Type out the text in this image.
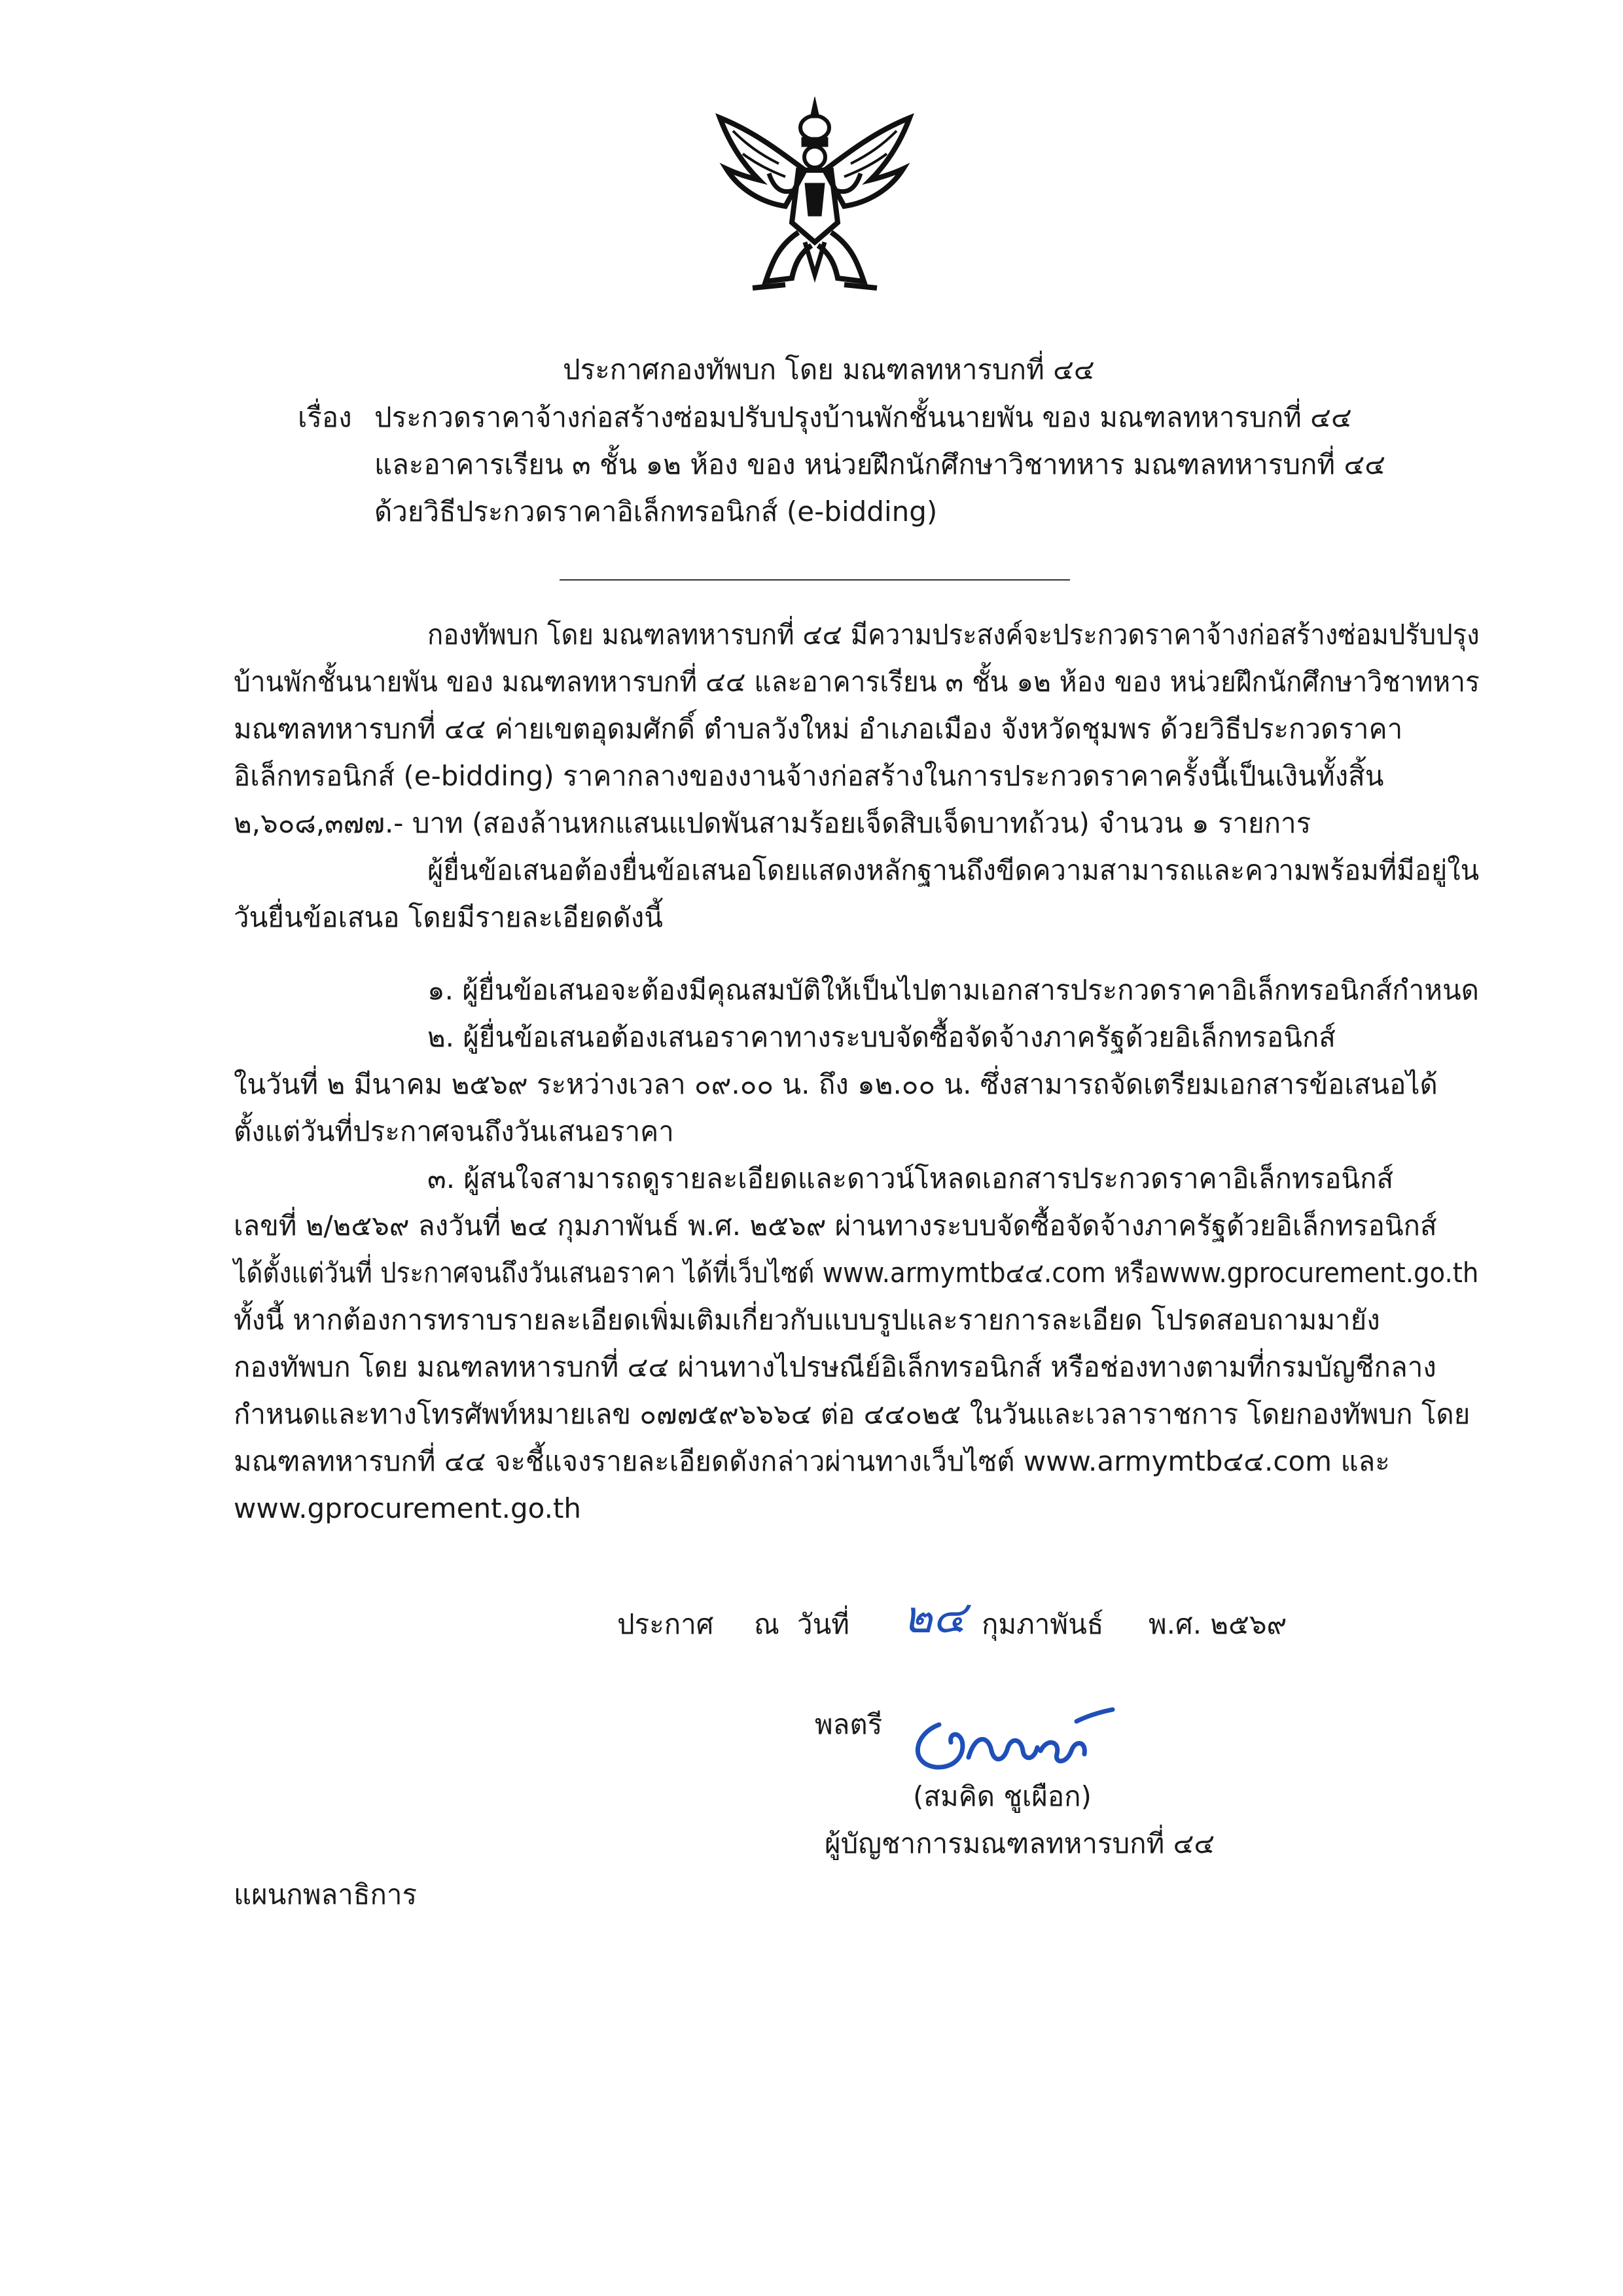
ประกาศกองทัพบก โดย มณฑลทหารบกที่ ๔๔
เรื่อง ประกวดราคาจ้างก่อสร้างซ่อมปรับปรุงบ้านพักชั้นนายพัน ของ มณฑลทหารบกที่ ๔๔
และอาคารเรียน ๓ ชั้น ๑๒ ห้อง ของ หน่วยฝึกนักศึกษาวิชาทหาร มณฑลทหารบกที่ ๔๔
ด้วยวิธีประกวดราคาอิเล็กทรอนิกส์ (e-bidding)
กองทัพบก โดย มณฑลทหารบกที่ ๔๔ มีความประสงค์จะประกวดราคาจ้างก่อสร้างซ่อมปรับปรุง
บ้านพักชั้นนายพัน ของ มณฑลทหารบกที่ ๔๔ และอาคารเรียน ๓ ชั้น ๑๒ ห้อง ของ หน่วยฝึกนักศึกษาวิชาทหาร
มณฑลทหารบกที่ ๔๔ ค่ายเขตอุดมศักดิ์ ตำบลวังใหม่ อำเภอเมือง จังหวัดชุมพร ด้วยวิธีประกวดราคา
อิเล็กทรอนิกส์ (e-bidding) ราคากลางของงานจ้างก่อสร้างในการประกวดราคาครั้งนี้เป็นเงินทั้งสิ้น
๒,๖๐๘,๓๗๗.- บาท (สองล้านหกแสนแปดพันสามร้อยเจ็ดสิบเจ็ดบาทถ้วน) จำนวน ๑ รายการ
ผู้ยื่นข้อเสนอต้องยื่นข้อเสนอโดยแสดงหลักฐานถึงขีดความสามารถและความพร้อมที่มีอยู่ใน
วันยื่นข้อเสนอ โดยมีรายละเอียดดังนี้
๑. ผู้ยื่นข้อเสนอจะต้องมีคุณสมบัติให้เป็นไปตามเอกสารประกวดราคาอิเล็กทรอนิกส์กำหนด
๒. ผู้ยื่นข้อเสนอต้องเสนอราคาทางระบบจัดซื้อจัดจ้างภาครัฐด้วยอิเล็กทรอนิกส์
ในวันที่ ๒ มีนาคม ๒๕๖๙ ระหว่างเวลา ๐๙.๐๐ น. ถึง ๑๒.๐๐ น. ซึ่งสามารถจัดเตรียมเอกสารข้อเสนอได้
ตั้งแต่วันที่ประกาศจนถึงวันเสนอราคา
๓. ผู้สนใจสามารถดูรายละเอียดและดาวน์โหลดเอกสารประกวดราคาอิเล็กทรอนิกส์
เลขที่ ๒/๒๕๖๙ ลงวันที่ ๒๔ กุมภาพันธ์ พ.ศ. ๒๕๖๙ ผ่านทางระบบจัดซื้อจัดจ้างภาครัฐด้วยอิเล็กทรอนิกส์
ได้ตั้งแต่วันที่ ประกาศจนถึงวันเสนอราคา ได้ที่เว็บไซต์ www.armymtb๔๔.com หรือwww.gprocurement.go.th
ทั้งนี้ หากต้องการทราบรายละเอียดเพิ่มเติมเกี่ยวกับแบบรูปและรายการละเอียด โปรดสอบถามมายัง
กองทัพบก โดย มณฑลทหารบกที่ ๔๔ ผ่านทางไปรษณีย์อิเล็กทรอนิกส์ หรือช่องทางตามที่กรมบัญชีกลาง
กำหนดและทางโทรศัพท์หมายเลข ๐๗๗๕๙๖๖๖๔ ต่อ ๔๔๐๒๕ ในวันและเวลาราชการ โดยกองทัพบก โดย
มณฑลทหารบกที่ ๔๔ จะชี้แจงรายละเอียดดังกล่าวผ่านทางเว็บไซต์ www.armymtb๔๔.com และ
www.gprocurement.go.th
ประกาศ ณ วันที่ ๒๔ กุมภาพันธ์ พ.ศ. ๒๕๖๙
พลตรี
(สมคิด ชูเผือก)
ผู้บัญชาการมณฑลทหารบกที่ ๔๔
แผนกพลาธิการ
